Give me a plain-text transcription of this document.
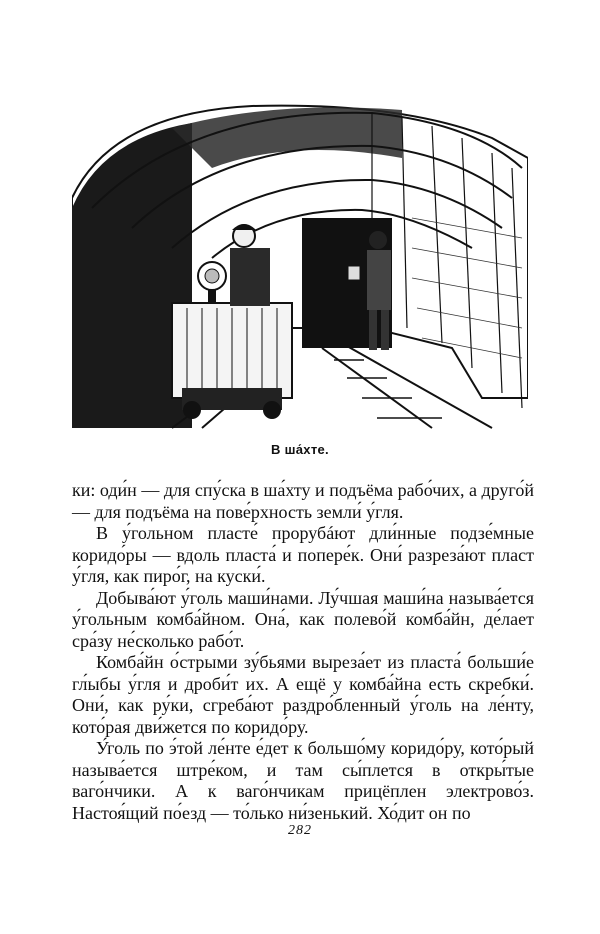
В ша́хте.

ки: оди́н — для спу́ска в ша́хту и подъёма рабо́чих, а друго́й — для подъёма на пове́рхность земли́ у́гля.

В у́гольном пласте́ прорубáют дли́нные подзе́мные коридо́ры — вдоль пласта́ и попере́к. Они́ разреза́ют пласт у́гля, как пиро́г, на куски́.

Добыва́ют у́голь маши́нами. Лу́чшая маши́на называ́ется у́гольным комба́йном. Она́, как полево́й комба́йн, де́лает сра́зу не́сколько рабо́т.

Комба́йн о́стрыми зу́бьями выреза́ет из пласта́ больши́е гл́ыбы у́гля и дроби́т их. А ещё у комба́йна есть скребки́. Они́, как ру́ки, сгреба́ют раздро́бленный у́голь на ле́нту, кото́рая дви́жется по коридо́ру.

У́голь по э́той ле́нте е́дет к большо́му коридо́ру, кото́рый называ́ется штре́ком, и там сы́плется в откры́тые ваго́нчики. А к ваго́нчикам прицёплен электрово́з. Настоя́щий по́езд — то́лько ни́зенький. Хо́дит он по

282
